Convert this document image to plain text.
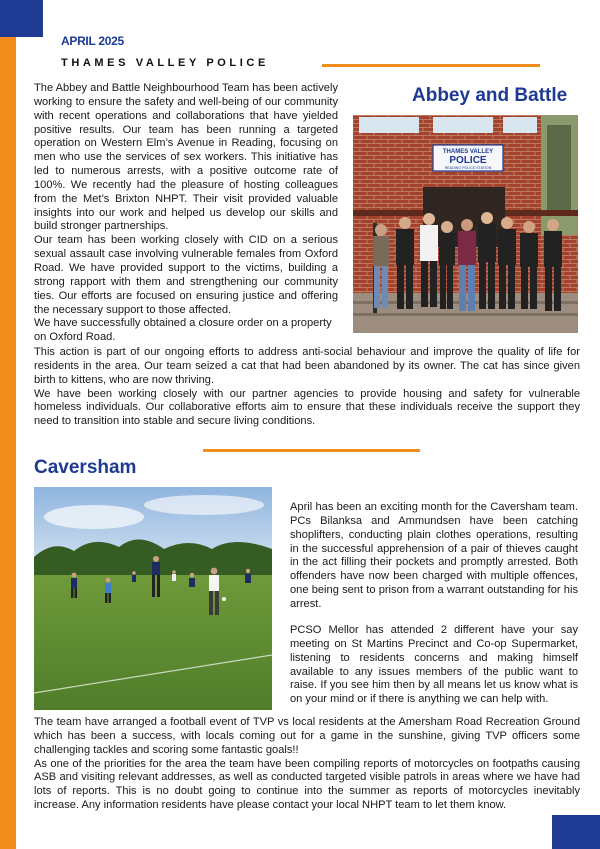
APRIL 2025
THAMES VALLEY POLICE
Abbey and Battle
The Abbey and Battle Neighbourhood Team has been actively working to ensure the safety and well-being of our community with recent operations and collaborations that have yielded positive results. Our team has been running a targeted operation on Western Elm’s Avenue in Reading, focusing on men who use the services of sex workers. This initiative has led to numerous arrests, with a positive outcome rate of 100%. We recently had the pleasure of hosting colleagues from the Met’s Brixton NHPT. Their visit provided valuable insights into our work and helped us develop our skills and build stronger partnerships.
Our team has been working closely with CID on a serious sexual assault case involving vulnerable females from Oxford Road. We have provided support to the victims, building a strong rapport with them and strengthening our community ties. Our efforts are focused on ensuring justice and offering the necessary support to those affected.
We have successfully obtained a closure order on a property on Oxford Road.
THAMES VALLEY
POLICE
READING POLICE STATION
This action is part of our ongoing efforts to address anti-social behaviour and improve the quality of life for residents in the area. Our team seized a cat that had been abandoned by its owner. The cat has since given birth to kittens, who are now thriving.
We have been working closely with our partner agencies to provide housing and safety for vulnerable homeless individuals. Our collaborative efforts aim to ensure that these individuals receive the support they need to transition into stable and secure living conditions.
Caversham
April has been an exciting month for the Caversham team. PCs Bilanksa and Ammundsen have been catching shoplifters, conducting plain clothes operations, resulting in the successful apprehension of a pair of thieves caught in the act filling their pockets and promptly arrested. Both offenders have now been charged with multiple offences, one being sent to prison from a warrant outstanding for his arrest.
PCSO Mellor has attended 2 different have your say meeting on St Martins Precinct and Co-op Supermarket, listening to residents concerns and making himself available to any issues members of the public want to raise. If you see him then by all means let us know what is on your mind or if there is anything we can help with.
The team have arranged a football event of TVP vs local residents at the Amersham Road Recreation Ground which has been a success, with locals coming out for a game in the sunshine, giving TVP officers some challenging tackles and scoring some fantastic goals!!
As one of the priorities for the area the team have been compiling reports of motorcycles on footpaths causing ASB and visiting relevant addresses, as well as conducted targeted visible patrols in areas where we have had lots of reports. This is no doubt going to continue into the summer as reports of motorcycles inevitably increase. Any information residents have please contact your local NHPT team to let them know.
